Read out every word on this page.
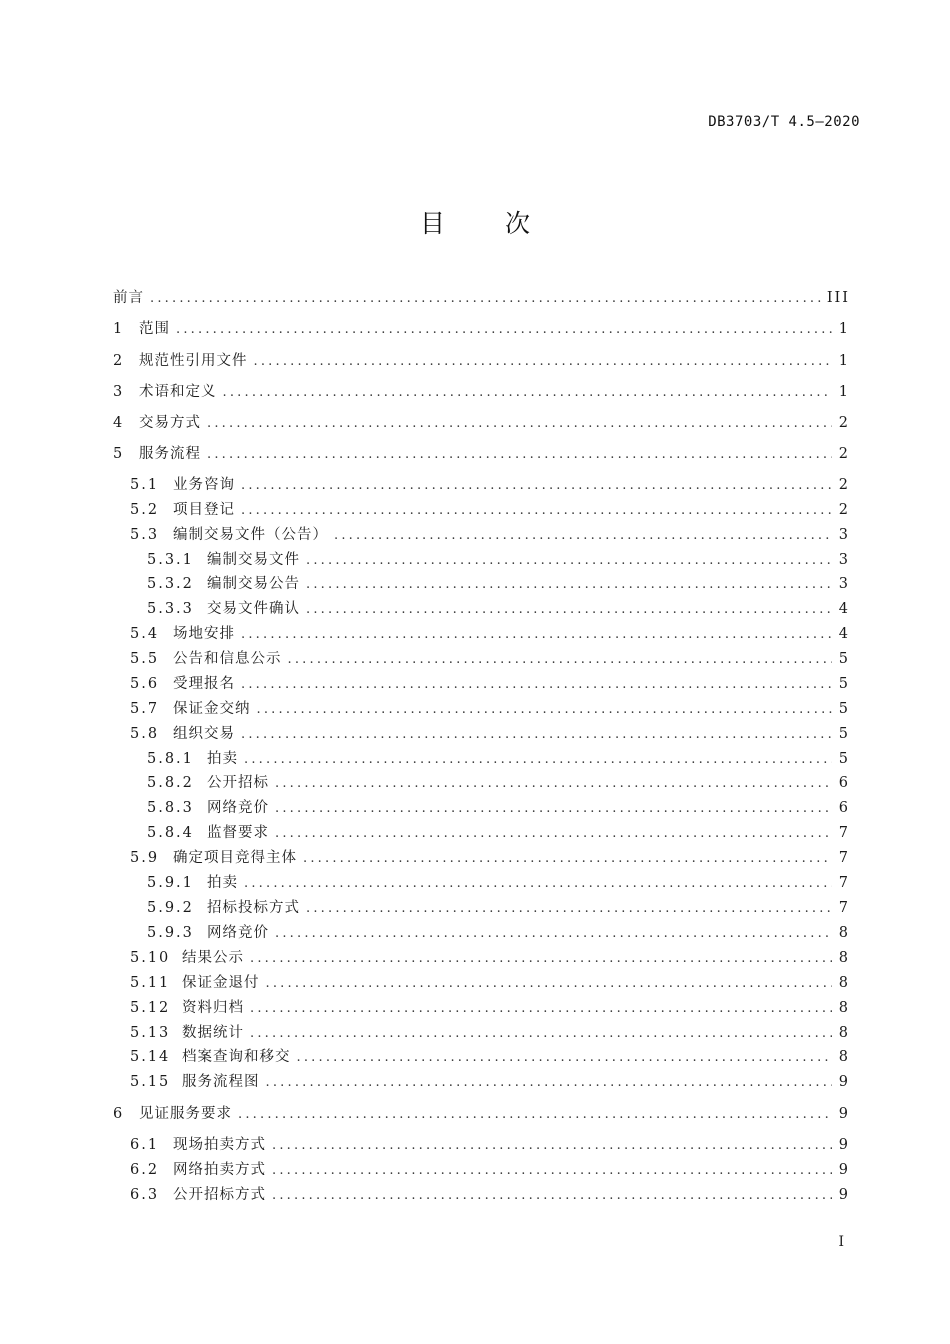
DB3703/T 4.5—2020
目 次
前言 .....	III
1	范围 .....	1
2	规范性引用文件 .....	1
3	术语和定义 .....	1
4	交易方式 .....	2
5	服务流程 .....	2
5.1 业务咨询 .....	2
5.2 项目登记 .....	2
5.3 编制交易文件（公告） .....	3
5.3.1 编制交易文件 .....	3
5.3.2 编制交易公告 .....	3
5.3.3 交易文件确认 .....	4
5.4 场地安排 .....	4
5.5 公告和信息公示 .....	5
5.6 受理报名 .....	5
5.7 保证金交纳 .....	5
5.8 组织交易 .....	5
5.8.1 拍卖 .....	5
5.8.2 公开招标 .....	6
5.8.3 网络竞价 .....	6
5.8.4 监督要求 .....	7
5.9 确定项目竞得主体 .....	7
5.9.1 拍卖 .....	7
5.9.2 招标投标方式 .....	7
5.9.3 网络竞价 .....	8
5.10 结果公示 .....	8
5.11 保证金退付 .....	8
5.12 资料归档 .....	8
5.13 数据统计 .....	8
5.14 档案查询和移交 .....	8
5.15 服务流程图 .....	9
6	见证服务要求 .....	9
6.1 现场拍卖方式 .....	9
6.2 网络拍卖方式 .....	9
6.3 公开招标方式 .....	9
I
